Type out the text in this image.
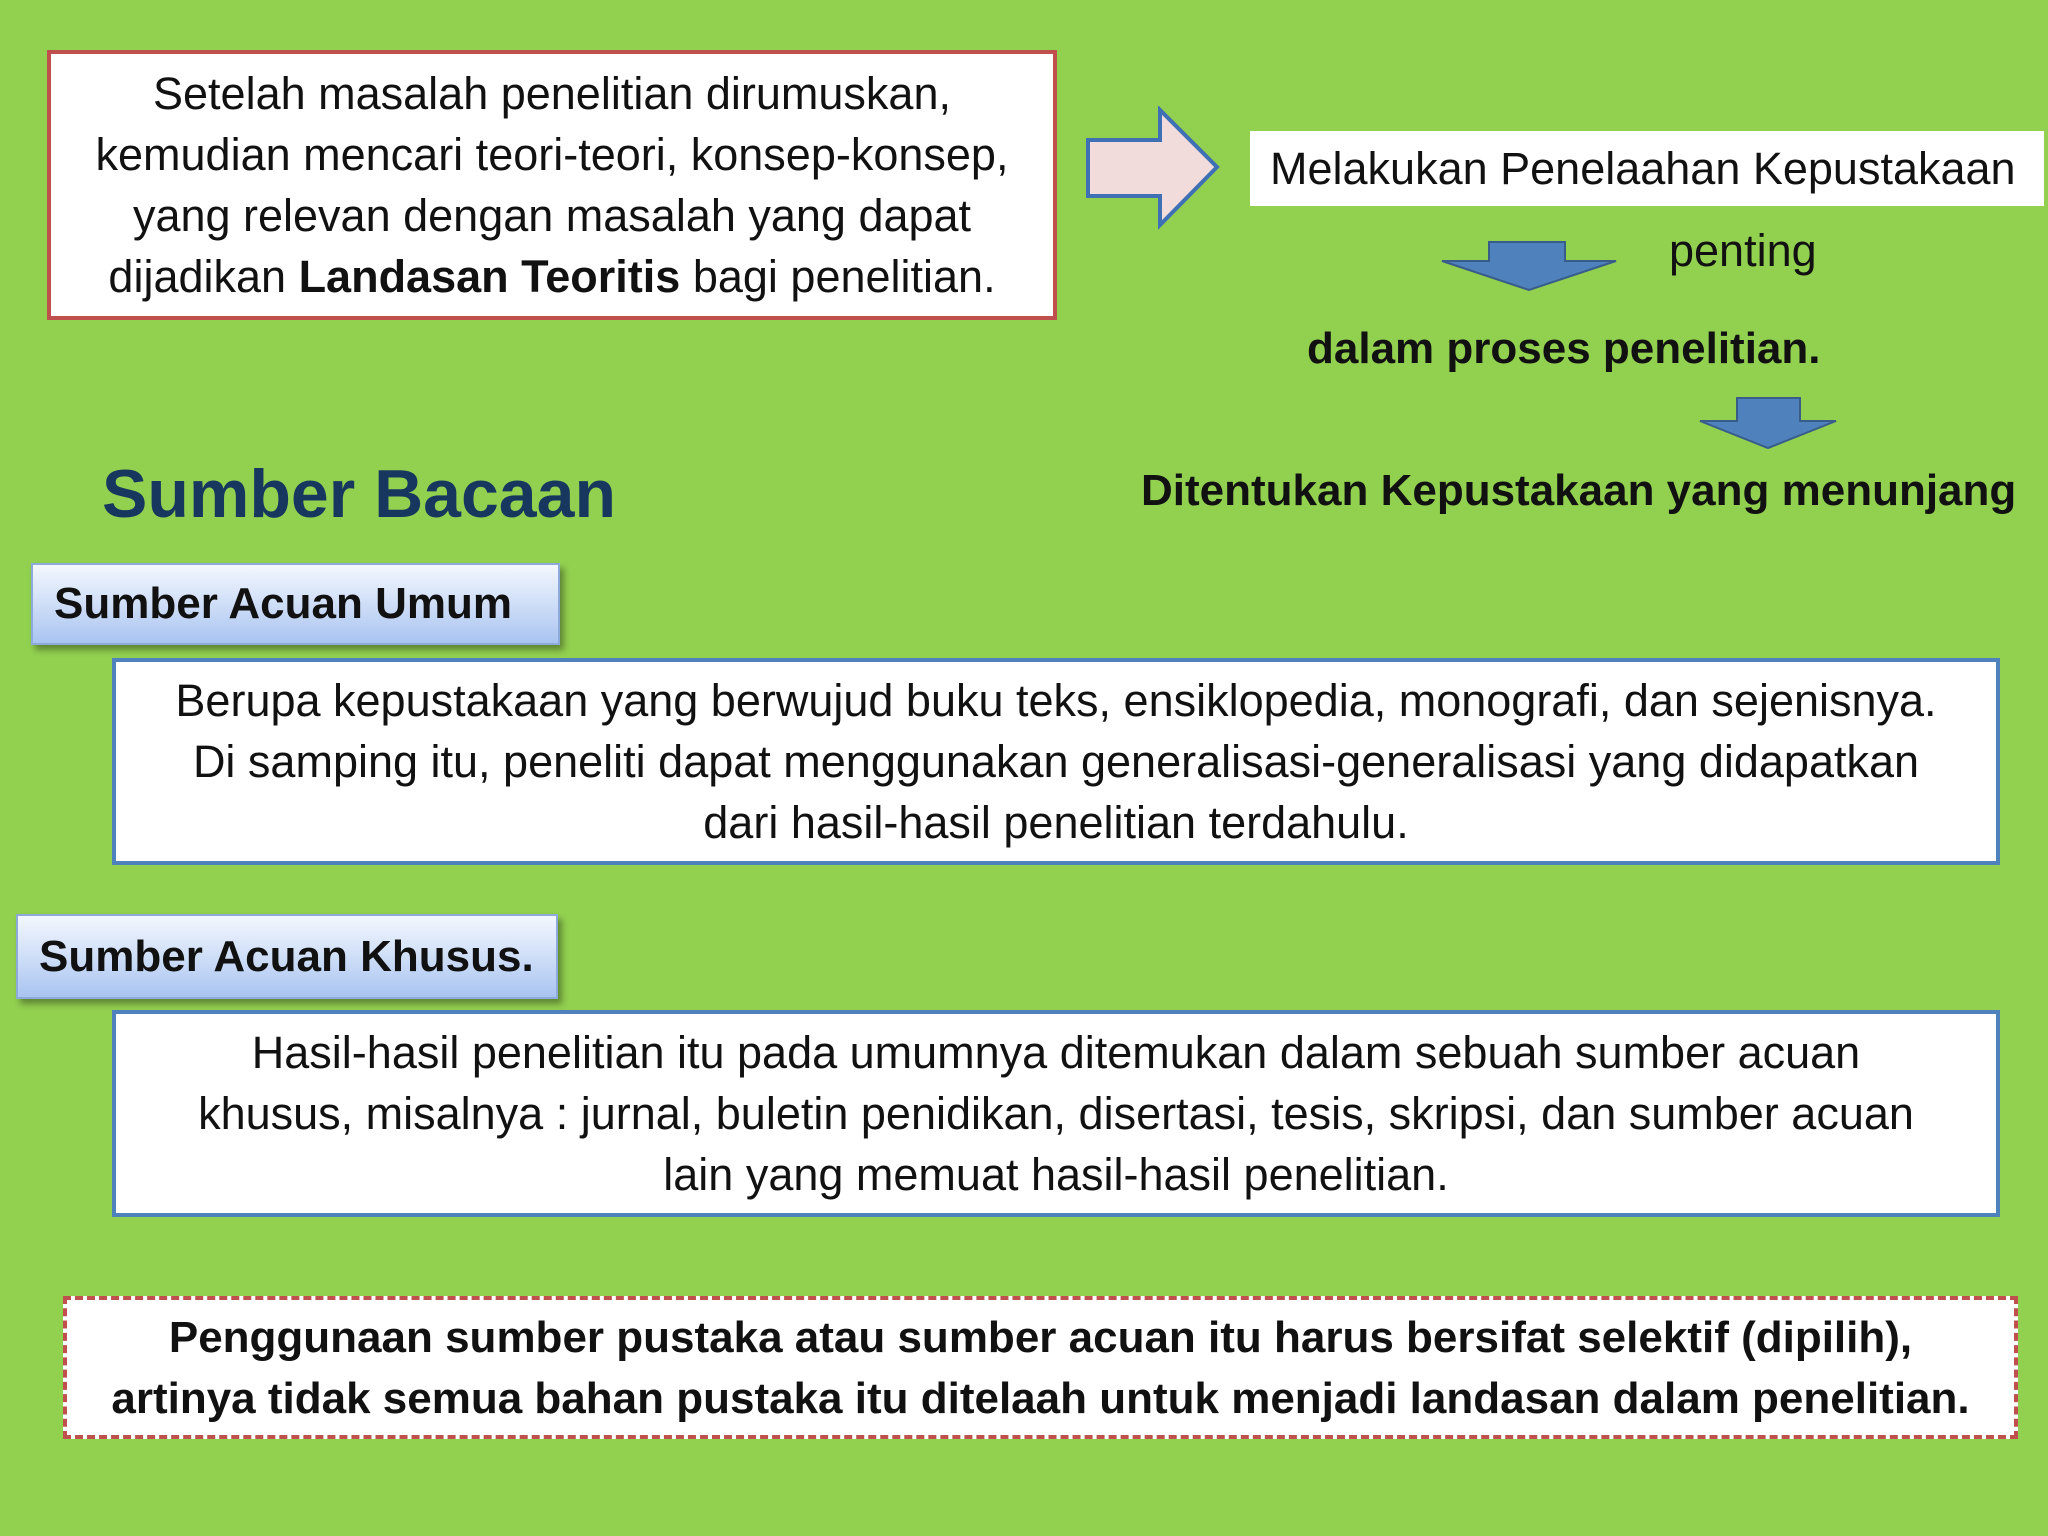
Setelah masalah penelitian dirumuskan,
kemudian mencari teori-teori, konsep-konsep,
yang relevan dengan masalah yang dapat
dijadikan Landasan Teoritis bagi penelitian.
Melakukan Penelaahan Kepustakaan
penting
dalam proses penelitian.
Ditentukan Kepustakaan yang menunjang
Sumber Bacaan
Sumber Acuan Umum
Berupa kepustakaan yang berwujud buku teks, ensiklopedia, monografi, dan sejenisnya.
Di samping itu, peneliti dapat menggunakan generalisasi-generalisasi yang didapatkan
dari hasil-hasil penelitian terdahulu.
Sumber Acuan Khusus.
Hasil-hasil penelitian itu pada umumnya ditemukan dalam sebuah sumber acuan
khusus, misalnya : jurnal, buletin penidikan, disertasi, tesis, skripsi, dan sumber acuan
lain yang memuat hasil-hasil penelitian.
Penggunaan sumber pustaka atau sumber acuan itu harus bersifat selektif (dipilih),
artinya tidak semua bahan pustaka itu ditelaah untuk menjadi landasan dalam penelitian.
